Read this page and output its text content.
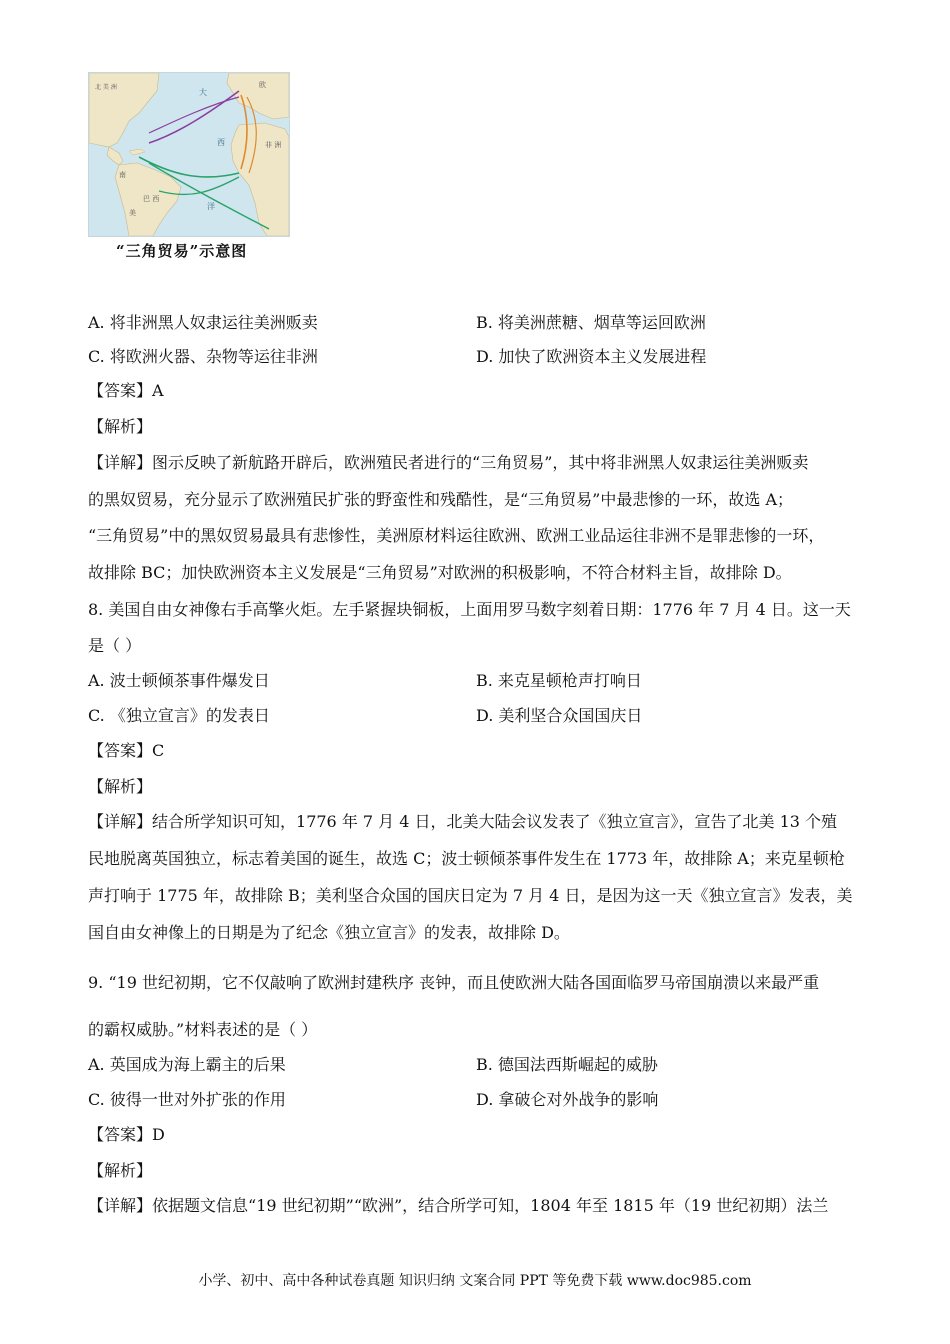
北 美 洲
大
西
洋
非 洲
南
美
巴 西
欧
“三角贸易”示意图
A. 将非洲黑人奴隶运往美洲贩卖	B. 将美洲蔗糖、烟草等运回欧洲
C. 将欧洲火器、杂物等运往非洲	D. 加快了欧洲资本主义发展进程
【答案】A
【解析】
【详解】图示反映了新航路开辟后，欧洲殖民者进行的“三角贸易”，其中将非洲黑人奴隶运往美洲贩卖
的黑奴贸易，充分显示了欧洲殖民扩张的野蛮性和残酷性，是“三角贸易”中最悲惨的一环，故选 A；
“三角贸易”中的黑奴贸易最具有悲惨性，美洲原材料运往欧洲、欧洲工业品运往非洲不是罪悲惨的一环，
故排除 BC；加快欧洲资本主义发展是“三角贸易”对欧洲的积极影响，不符合材料主旨，故排除 D。
8. 美国自由女神像右手高擎火炬。左手紧握块铜板，上面用罗马数字刻着日期：1776 年 7 月 4 日。这一天
是（ ）
A. 波士顿倾茶事件爆发日	B. 来克星顿枪声打响日
C. 《独立宣言》的发表日	D. 美利坚合众国国庆日
【答案】C
【解析】
【详解】结合所学知识可知，1776 年 7 月 4 日，北美大陆会议发表了《独立宣言》，宣告了北美 13 个殖
民地脱离英国独立，标志着美国的诞生，故选 C；波士顿倾茶事件发生在 1773 年，故排除 A；来克星顿枪
声打响于 1775 年，故排除 B；美利坚合众国的国庆日定为 7 月 4 日，是因为这一天《独立宣言》发表，美
国自由女神像上的日期是为了纪念《独立宣言》的发表，故排除 D。
9. “19 世纪初期，它不仅敲响了欧洲封建秩序 丧钟，而且使欧洲大陆各国面临罗马帝国崩溃以来最严重
的霸权威胁。”材料表述的是（ ）
A. 英国成为海上霸主的后果	B. 德国法西斯崛起的威胁
C. 彼得一世对外扩张的作用	D. 拿破仑对外战争的影响
【答案】D
【解析】
【详解】依据题文信息“19 世纪初期”“欧洲”，结合所学可知，1804 年至 1815 年（19 世纪初期）法兰
小学、初中、高中各种试卷真题 知识归纳 文案合同 PPT 等免费下载 www.doc985.com
